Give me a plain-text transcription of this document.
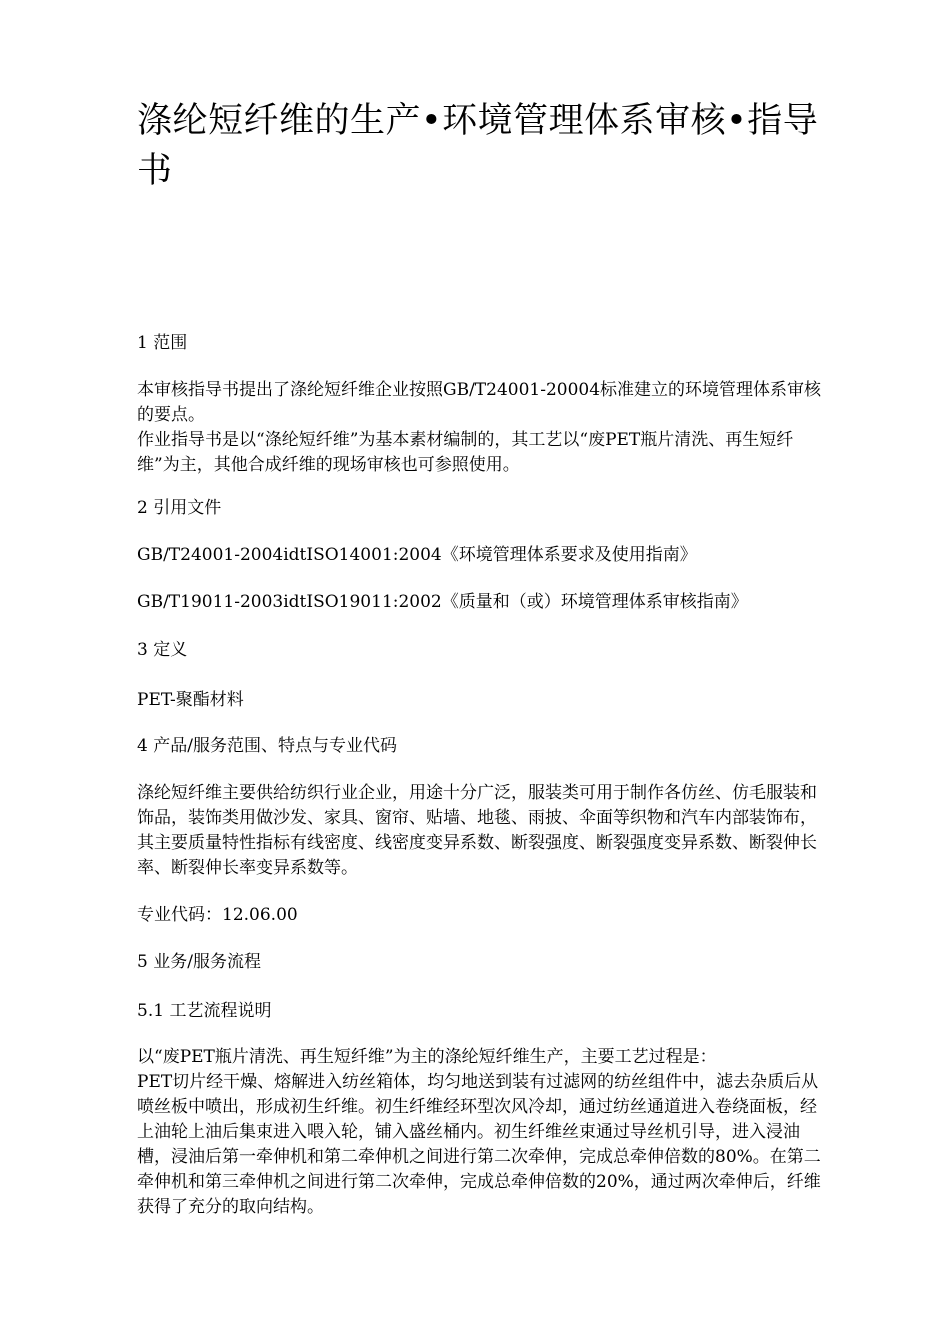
涤纶短纤维的生产•环境管理体系审核•指导书

1 范围

本审核指导书提出了涤纶短纤维企业按照GB/T24001-20004标准建立的环境管理体系审核的要点。

作业指导书是以“涤纶短纤维”为基本素材编制的，其工艺以“废PET瓶片清洗、再生短纤维”为主，其他合成纤维的现场审核也可参照使用。

2 引用文件

GB/T24001-2004idtISO14001:2004《环境管理体系要求及使用指南》

GB/T19011-2003idtISO19011:2002《质量和（或）环境管理体系审核指南》

3 定义

PET-聚酯材料

4 产品/服务范围、特点与专业代码

涤纶短纤维主要供给纺织行业企业，用途十分广泛，服装类可用于制作各仿丝、仿毛服装和饰品，装饰类用做沙发、家具、窗帘、贴墙、地毯、雨披、伞面等织物和汽车内部装饰布，其主要质量特性指标有线密度、线密度变异系数、断裂强度、断裂强度变异系数、断裂伸长率、断裂伸长率变异系数等。

专业代码：12.06.00

5 业务/服务流程

5.1 工艺流程说明

以“废PET瓶片清洗、再生短纤维”为主的涤纶短纤维生产，主要工艺过程是：

PET切片经干燥、熔解进入纺丝箱体，均匀地送到装有过滤网的纺丝组件中，滤去杂质后从喷丝板中喷出，形成初生纤维。初生纤维经环型次风冷却，通过纺丝通道进入卷绕面板，经上油轮上油后集束进入喂入轮，铺入盛丝桶内。初生纤维丝束通过导丝机引导，进入浸油槽，浸油后第一牵伸机和第二牵伸机之间进行第二次牵伸，完成总牵伸倍数的80%。在第二牵伸机和第三牵伸机之间进行第二次牵伸，完成总牵伸倍数的20%，通过两次牵伸后，纤维获得了充分的取向结构。
